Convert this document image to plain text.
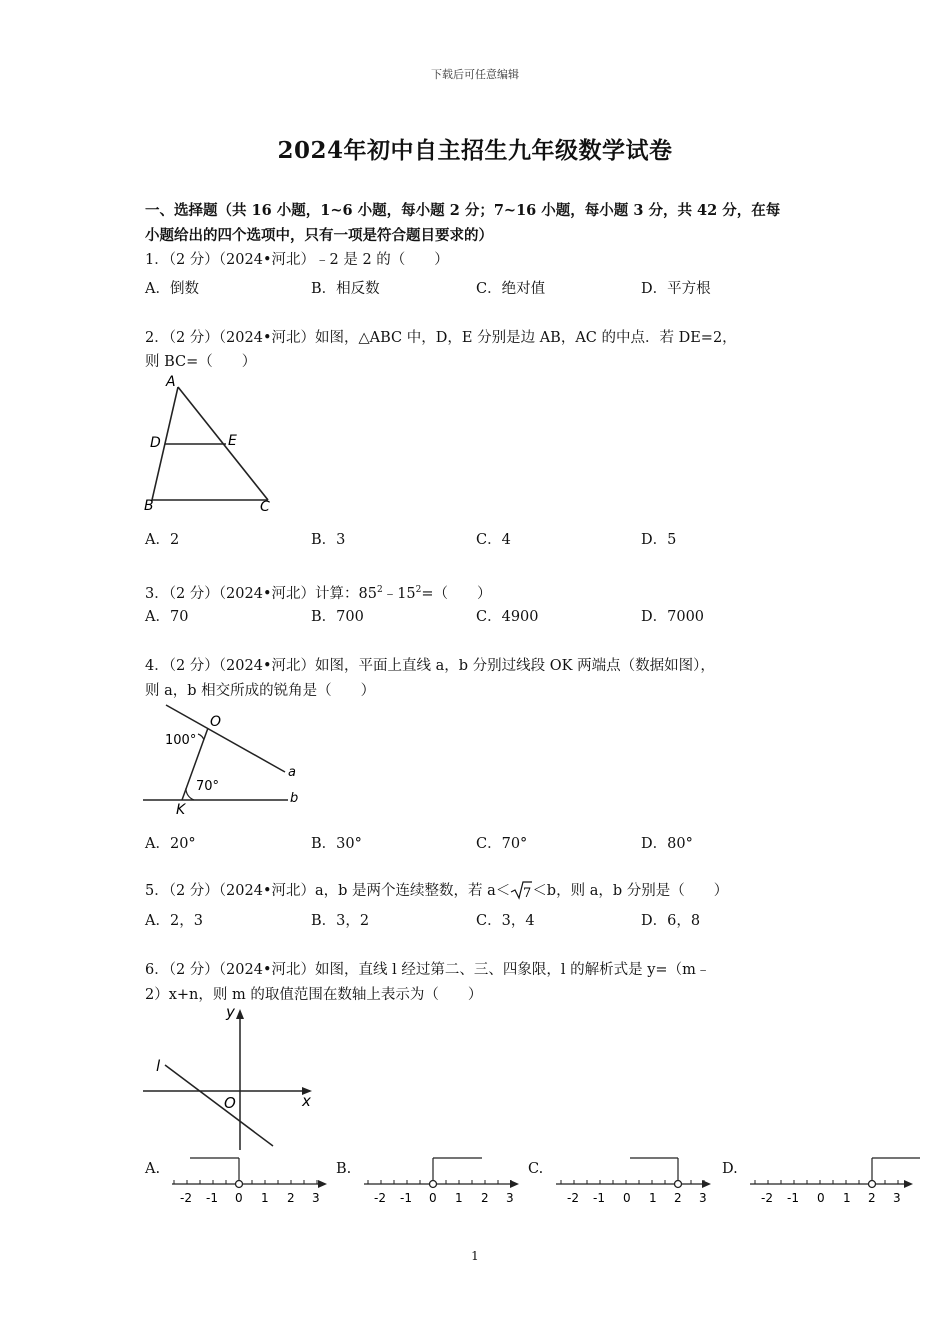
下载后可任意编辑
2024年初中自主招生九年级数学试卷
一、选择题（共 16 小题，1~6 小题，每小题 2 分；7~16 小题，每小题 3 分，共 42 分，在每
小题给出的四个选项中，只有一项是符合题目要求的）
1．（2 分）（2024•河北）﹣2 是 2 的（　　）
A．倒数	B．相反数	C．绝对值	D．平方根
2．（2 分）（2024•河北）如图，△ABC 中，D，E 分别是边 AB，AC 的中点．若 DE=2，
则 BC=（　　）
A
D	E
B	C
A．2	B．3	C．4	D．5
3．（2 分）（2024•河北）计算：$85^2﹣15^2=$（　　）
A．70	B．700	C．4900	D．7000
4．（2 分）（2024•河北）如图，平面上直线 a，b 分别过线段 OK 两端点（数据如图），
则 a，b 相交所成的锐角是（　　）
O
K
a
b
100°
70°
A．20°	B．30°	C．70°	D．80°
5．（2 分）（2024•河北）a，b 是两个连续整数，若 a＜ 7 ＜b，则 a，b 分别是（　　）
A．2，3	B．3，2	C．3，4	D．6，8
6．（2 分）（2024•河北）如图，直线 l 经过第二、三、四象限，l 的解析式是 y=（m﹣
2）x+n，则 m 的取值范围在数轴上表示为（　　）
y
x
O
l
A.
-2 -1 0 1 2 3
B.
-2 -1 0 1 2 3
C.
-2 -1 0 1 2 3
D.
-2 -1 0 1 2 3
1
